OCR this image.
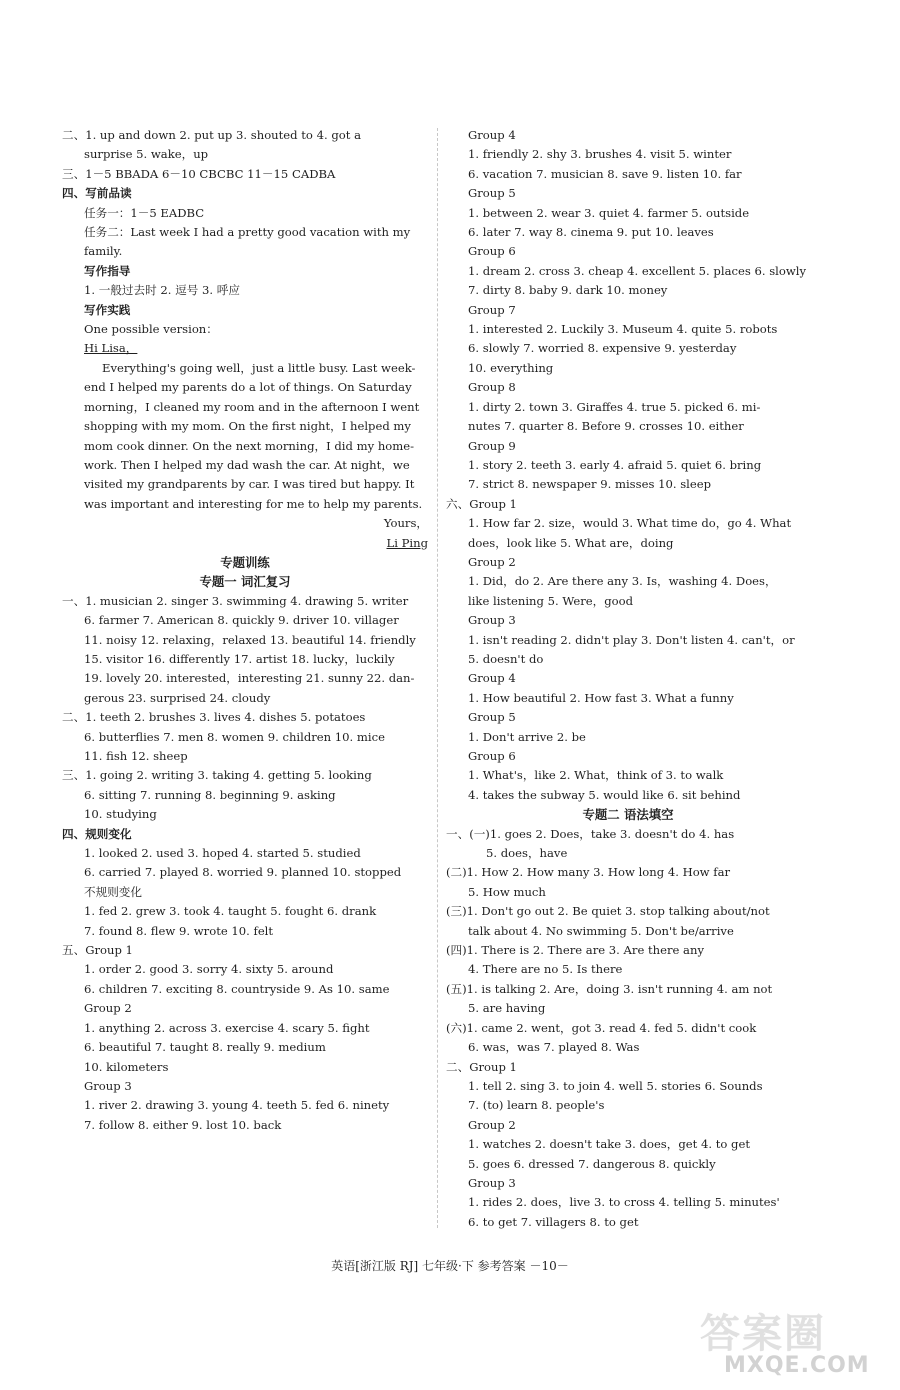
二、1. up and down 2. put up 3. shouted to 4. got a
surprise 5. wake，up
三、1－5 BBADA 6－10 CBCBC 11－15 CADBA
四、写前品读
任务一：1－5 EADBC
任务二：Last week I had a pretty good vacation with my
family.
写作指导
1. 一般过去时 2. 逗号 3. 呼应
写作实践
One possible version：
Hi Lisa，
Everything's going well，just a little busy. Last week-
end I helped my parents do a lot of things. On Saturday
morning，I cleaned my room and in the afternoon I went
shopping with my mom. On the first night，I helped my
mom cook dinner. On the next morning，I did my home-
work. Then I helped my dad wash the car. At night，we
visited my grandparents by car. I was tired but happy. It
was important and interesting for me to help my parents.
Yours，
Li Ping
专题训练
专题一 词汇复习
一、1. musician 2. singer 3. swimming 4. drawing 5. writer
6. farmer 7. American 8. quickly 9. driver 10. villager
11. noisy 12. relaxing，relaxed 13. beautiful 14. friendly
15. visitor 16. differently 17. artist 18. lucky，luckily
19. lovely 20. interested，interesting 21. sunny 22. dan-
gerous 23. surprised 24. cloudy
二、1. teeth 2. brushes 3. lives 4. dishes 5. potatoes
6. butterflies 7. men 8. women 9. children 10. mice
11. fish 12. sheep
三、1. going 2. writing 3. taking 4. getting 5. looking
6. sitting 7. running 8. beginning 9. asking
10. studying
四、规则变化
1. looked 2. used 3. hoped 4. started 5. studied
6. carried 7. played 8. worried 9. planned 10. stopped
不规则变化
1. fed 2. grew 3. took 4. taught 5. fought 6. drank
7. found 8. flew 9. wrote 10. felt
五、Group 1
1. order 2. good 3. sorry 4. sixty 5. around
6. children 7. exciting 8. countryside 9. As 10. same
Group 2
1. anything 2. across 3. exercise 4. scary 5. fight
6. beautiful 7. taught 8. really 9. medium
10. kilometers
Group 3
1. river 2. drawing 3. young 4. teeth 5. fed 6. ninety
7. follow 8. either 9. lost 10. back
Group 4
1. friendly 2. shy 3. brushes 4. visit 5. winter
6. vacation 7. musician 8. save 9. listen 10. far
Group 5
1. between 2. wear 3. quiet 4. farmer 5. outside
6. later 7. way 8. cinema 9. put 10. leaves
Group 6
1. dream 2. cross 3. cheap 4. excellent 5. places 6. slowly
7. dirty 8. baby 9. dark 10. money
Group 7
1. interested 2. Luckily 3. Museum 4. quite 5. robots
6. slowly 7. worried 8. expensive 9. yesterday
10. everything
Group 8
1. dirty 2. town 3. Giraffes 4. true 5. picked 6. mi-
nutes 7. quarter 8. Before 9. crosses 10. either
Group 9
1. story 2. teeth 3. early 4. afraid 5. quiet 6. bring
7. strict 8. newspaper 9. misses 10. sleep
六、Group 1
1. How far 2. size，would 3. What time do，go 4. What
does，look like 5. What are，doing
Group 2
1. Did，do 2. Are there any 3. Is，washing 4. Does，
like listening 5. Were，good
Group 3
1. isn't reading 2. didn't play 3. Don't listen 4. can't，or
5. doesn't do
Group 4
1. How beautiful 2. How fast 3. What a funny
Group 5
1. Don't arrive 2. be
Group 6
1. What's，like 2. What，think of 3. to walk
4. takes the subway 5. would like 6. sit behind
专题二 语法填空
一、(一)1. goes 2. Does，take 3. doesn't do 4. has
5. does，have
(二)1. How 2. How many 3. How long 4. How far
5. How much
(三)1. Don't go out 2. Be quiet 3. stop talking about/not
talk about 4. No swimming 5. Don't be/arrive
(四)1. There is 2. There are 3. Are there any
4. There are no 5. Is there
(五)1. is talking 2. Are，doing 3. isn't running 4. am not
5. are having
(六)1. came 2. went，got 3. read 4. fed 5. didn't cook
6. was，was 7. played 8. Was
二、Group 1
1. tell 2. sing 3. to join 4. well 5. stories 6. Sounds
7. (to) learn 8. people's
Group 2
1. watches 2. doesn't take 3. does，get 4. to get
5. goes 6. dressed 7. dangerous 8. quickly
Group 3
1. rides 2. does，live 3. to cross 4. telling 5. minutes'
6. to get 7. villagers 8. to get
英语[浙江版 RJ] 七年级·下 参考答案 －10－
答案圈
MXQE.COM
